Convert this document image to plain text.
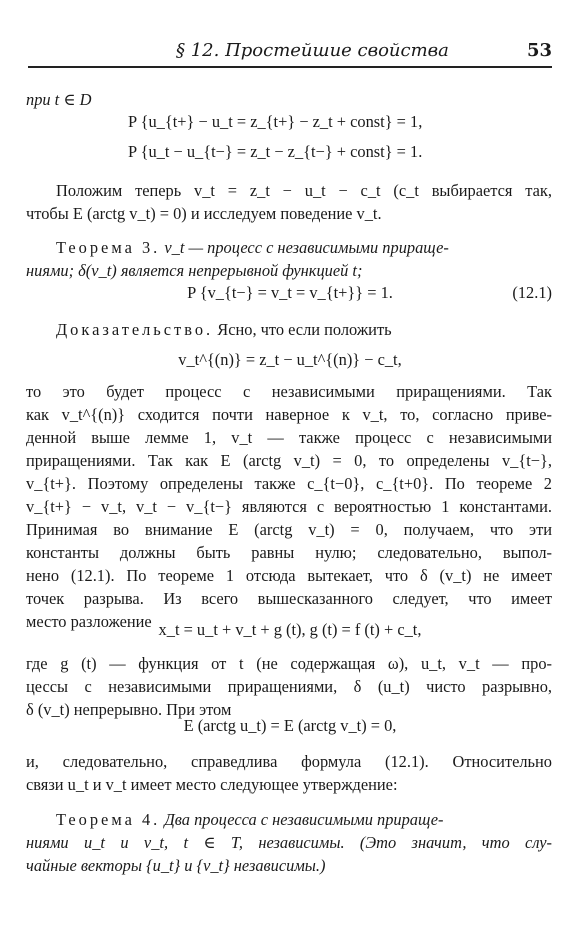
§ 12. Простейшие свойства	53
при t ∈ D
P {u_{t+} − u_t = z_{t+} − z_t + const} = 1,
P {u_t − u_{t−} = z_t − z_{t−} + const} = 1.
Положим теперь v_t = z_t − u_t − c_t (c_t выбирается так,
чтобы E (arctg v_t) = 0) и исследуем поведение v_t.
Теорема 3. v_t — процесс с независимыми прираще-
ниями; δ(v_t) является непрерывной функцией t;
P {v_{t−} = v_t = v_{t+}} = 1.	(12.1)
Доказательство. Ясно, что если положить
v_t^{(n)} = z_t − u_t^{(n)} − c_t,
то это будет процесс с независимыми приращениями. Так
как v_t^{(n)} сходится почти наверное к v_t, то, согласно приве-
денной выше лемме 1, v_t — также процесс с независимыми
приращениями. Так как E (arctg v_t) = 0, то определены v_{t−},
v_{t+}. Поэтому определены также c_{t−0}, c_{t+0}. По теореме 2
v_{t+} − v_t, v_t − v_{t−} являются с вероятностью 1 константами.
Принимая во внимание E (arctg v_t) = 0, получаем, что эти
константы должны быть равны нулю; следовательно, выпол-
нено (12.1). По теореме 1 отсюда вытекает, что δ (v_t) не имеет
точек разрыва. Из всего вышесказанного следует, что имеет
место разложение x_t = u_t + v_t + g (t), g (t) = f (t) + c_t,
где g (t) — функция от t (не содержащая ω), u_t, v_t — про-
цессы с независимыми приращениями, δ (u_t) чисто разрывно,
δ (v_t) непрерывно. При этом
E (arctg u_t) = E (arctg v_t) = 0,
и, следовательно, справедлива формула (12.1). Относительно
связи u_t и v_t имеет место следующее утверждение:
Теорема 4. Два процесса с независимыми прираще-
ниями u_t и v_t, t ∈ T, независимы. (Это значит, что слу-
чайные векторы {u_t} и {v_t} независимы.)
